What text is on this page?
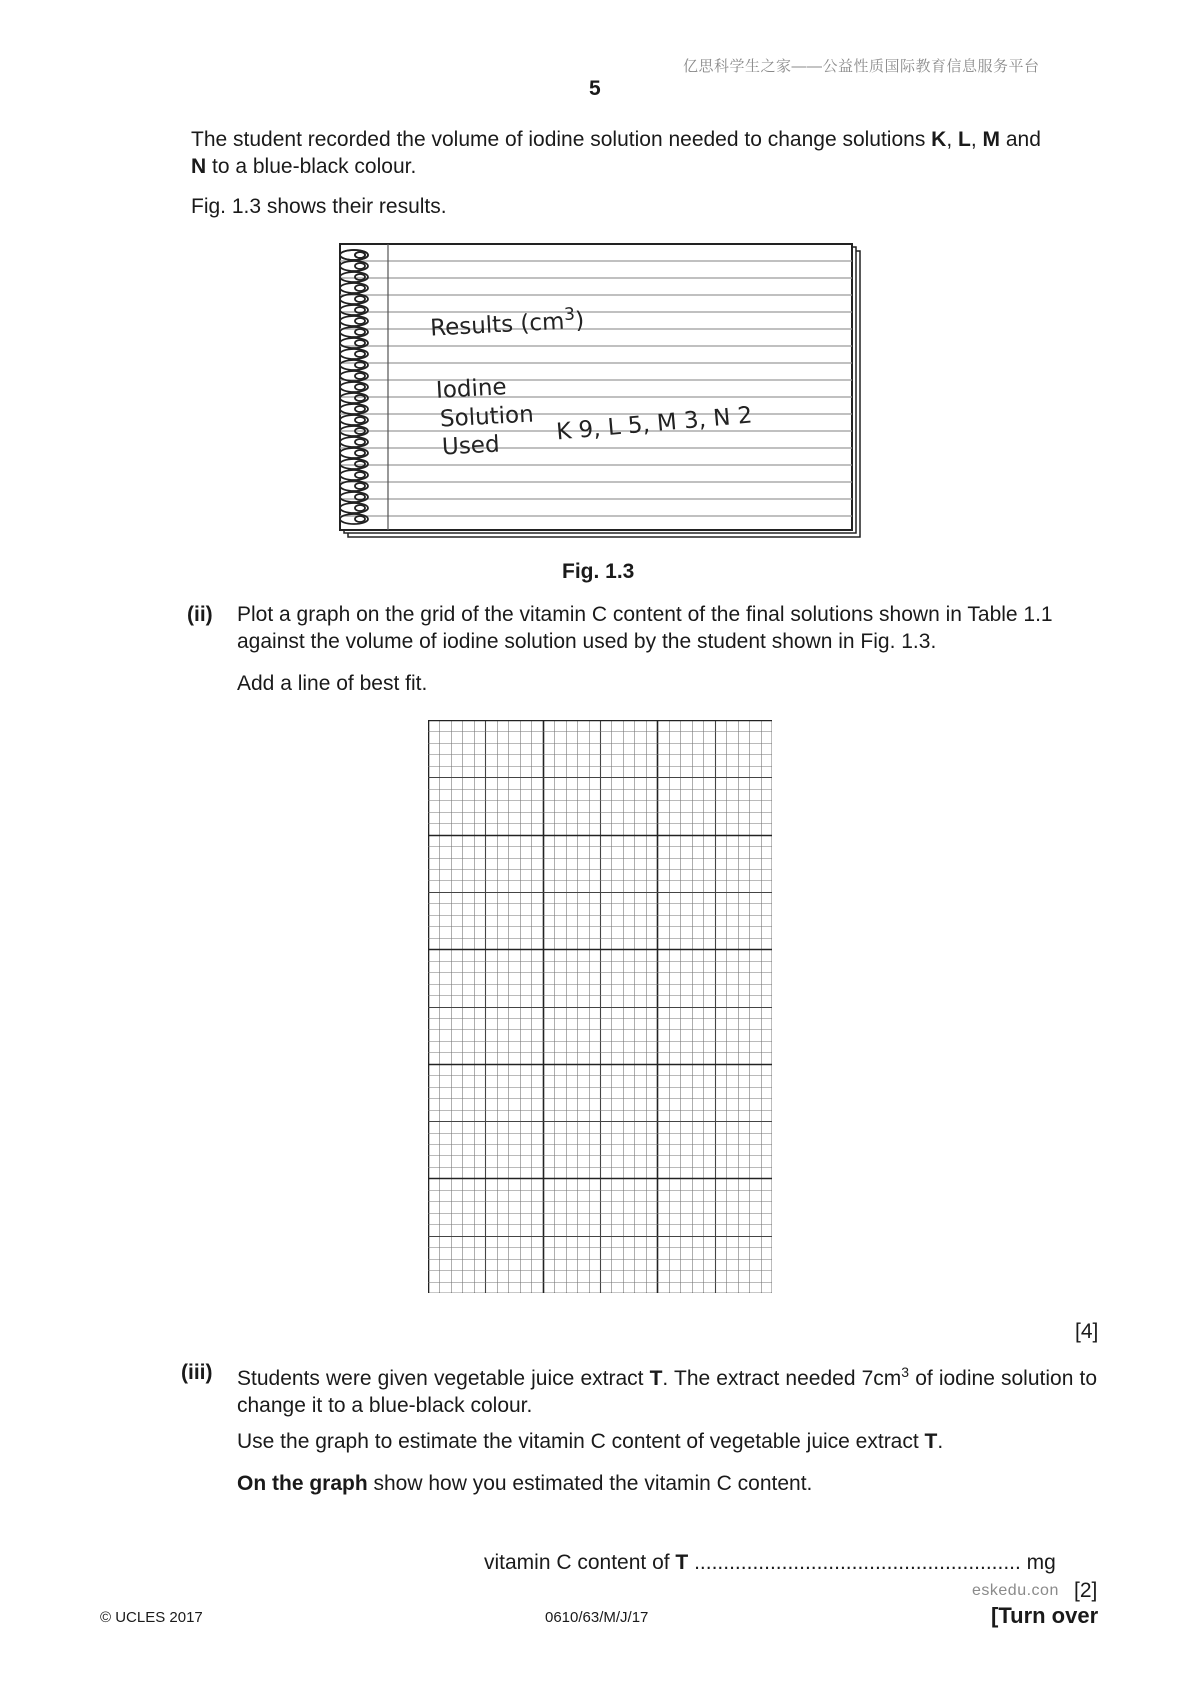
亿思科学生之家——公益性质国际教育信息服务平台
5
The student recorded the volume of iodine solution needed to change solutions K, L, M and
N to a blue-black colour.
Fig. 1.3 shows their results.
Results $(cm^3)$
Iodine
Solution
Used
K 9, L 5, M 3, N 2
Fig. 1.3
(ii) Plot a graph on the grid of the vitamin C content of the final solutions shown in Table 1.1 against the volume of iodine solution used by the student shown in Fig. 1.3.
Add a line of best fit.
[4]
(iii) Students were given vegetable juice extract T. The extract needed $7cm^3$ of iodine solution to change it to a blue-black colour.
Use the graph to estimate the vitamin C content of vegetable juice extract T.
On the graph show how you estimated the vitamin C content.
vitamin C content of T ........................................................ mg
eskedu.con [2]
© UCLES 2017	0610/63/M/J/17	[Turn over
